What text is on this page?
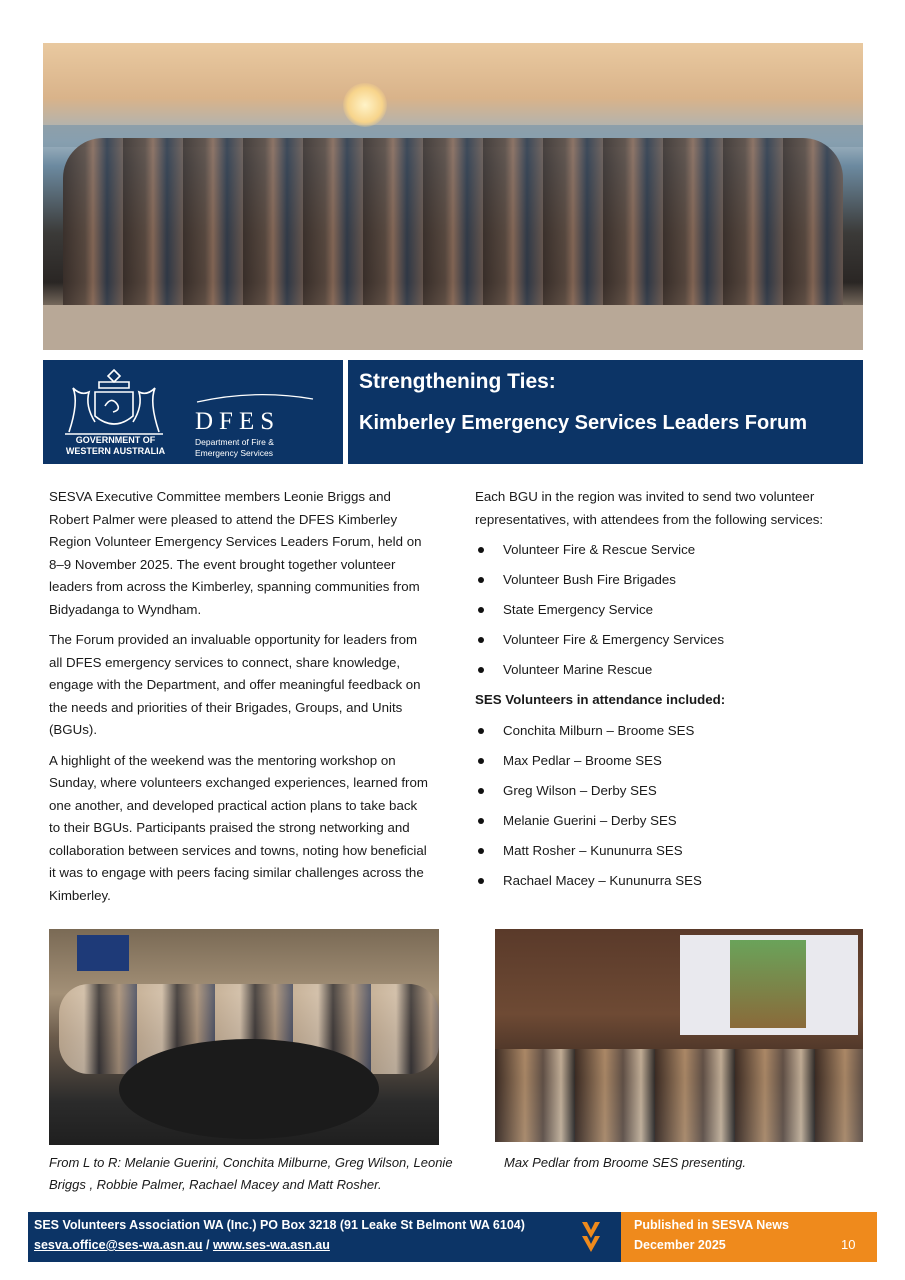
GOVERNMENT OF
WESTERN AUSTRALIA
DFES
Department of Fire &
Emergency Services
Strengthening Ties:
Kimberley Emergency Services Leaders Forum

SESVA Executive Committee members Leonie Briggs and Robert Palmer were pleased to attend the DFES Kimberley Region Volunteer Emergency Services Leaders Forum, held on 8–9 November 2025. The event brought together volunteer leaders from across the Kimberley, spanning communities from Bidyadanga to Wyndham.

The Forum provided an invaluable opportunity for leaders from all DFES emergency services to connect, share knowledge, engage with the Department, and offer meaningful feedback on the needs and priorities of their Brigades, Groups, and Units (BGUs).

A highlight of the weekend was the mentoring workshop on Sunday, where volunteers exchanged experiences, learned from one another, and developed practical action plans to take back to their BGUs. Participants praised the strong networking and collaboration between services and towns, noting how beneficial it was to engage with peers facing similar challenges across the Kimberley.

Each BGU in the region was invited to send two volunteer representatives, with attendees from the following services:

Volunteer Fire & Rescue Service
Volunteer Bush Fire Brigades
State Emergency Service
Volunteer Fire & Emergency Services
Volunteer Marine Rescue
SES Volunteers in attendance included:
Conchita Milburn – Broome SES
Max Pedlar – Broome SES
Greg Wilson – Derby SES
Melanie Guerini – Derby SES
Matt Rosher – Kununurra SES
Rachael Macey – Kununurra SES
From L to R: Melanie Guerini, Conchita Milburne, Greg Wilson, Leonie Briggs , Robbie Palmer, Rachael Macey and Matt Rosher.
Max Pedlar from Broome SES presenting.
SES Volunteers Association WA (Inc.) PO Box 3218 (91 Leake St Belmont WA 6104)
sesva.office@ses-wa.asn.au / www.ses-wa.asn.au
Published in SESVA News
December 2025	10
